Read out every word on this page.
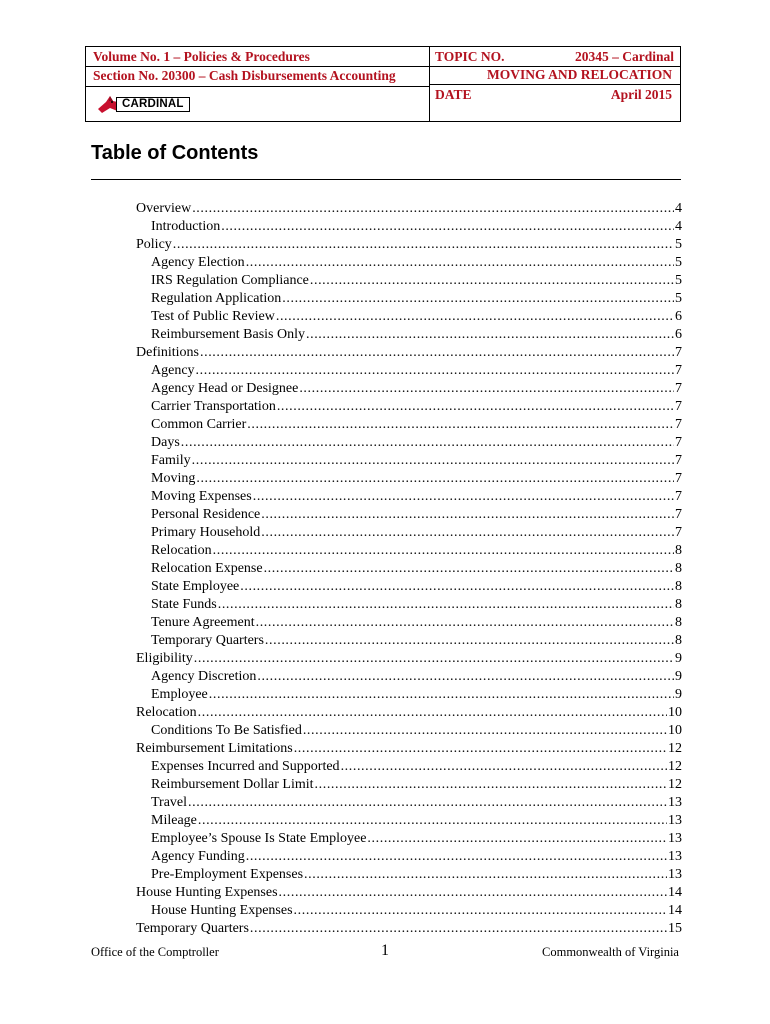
Volume No. 1 – Policies & Procedures
Section No. 20300 – Cash Disbursements Accounting
TOPIC NO.	20345 – Cardinal
MOVING AND RELOCATION
DATE	April 2015
CARDINAL
Table of Contents
Overview .....	4
Introduction .....	4
Policy .....	5
Agency Election .....	5
IRS Regulation Compliance .....	5
Regulation Application .....	5
Test of Public Review .....	6
Reimbursement Basis Only .....	6
Definitions .....	7
Agency .....	7
Agency Head or Designee .....	7
Carrier Transportation .....	7
Common Carrier .....	7
Days .....	7
Family .....	7
Moving .....	7
Moving Expenses .....	7
Personal Residence .....	7
Primary Household .....	7
Relocation .....	8
Relocation Expense .....	8
State Employee .....	8
State Funds .....	8
Tenure Agreement .....	8
Temporary Quarters .....	8
Eligibility .....	9
Agency Discretion .....	9
Employee .....	9
Relocation .....	10
Conditions To Be Satisfied .....	10
Reimbursement Limitations .....	12
Expenses Incurred and Supported .....	12
Reimbursement Dollar Limit .....	12
Travel .....	13
Mileage .....	13
Employee’s Spouse Is State Employee .....	13
Agency Funding .....	13
Pre-Employment Expenses .....	13
House Hunting Expenses .....	14
House Hunting Expenses .....	14
Temporary Quarters .....	15
Office of the Comptroller	1	Commonwealth of Virginia
